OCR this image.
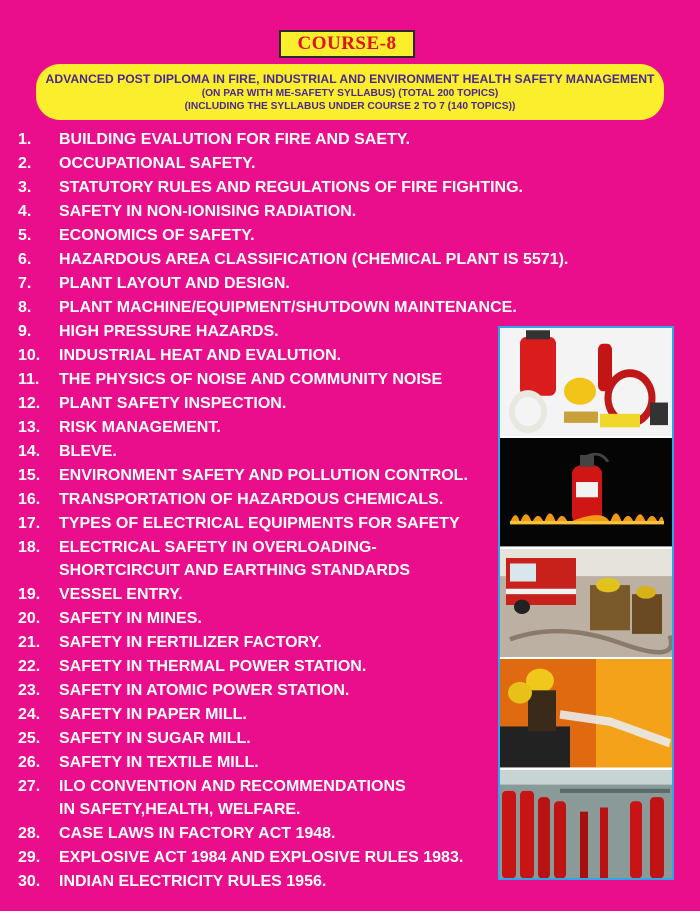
COURSE-8
ADVANCED POST DIPLOMA IN FIRE, INDUSTRIAL AND ENVIRONMENT HEALTH SAFETY MANAGEMENT
(ON PAR WITH ME-SAFETY SYLLABUS) (TOTAL 200 TOPICS)
(INCLUDING THE SYLLABUS UNDER COURSE 2 TO 7 (140 TOPICS))
1. BUILDING EVALUTION FOR FIRE AND SAETY.
2. OCCUPATIONAL SAFETY.
3. STATUTORY RULES AND REGULATIONS OF FIRE FIGHTING.
4. SAFETY IN NON-IONISING RADIATION.
5. ECONOMICS OF SAFETY.
6. HAZARDOUS AREA CLASSIFICATION (CHEMICAL PLANT IS 5571).
7. PLANT LAYOUT AND DESIGN.
8. PLANT MACHINE/EQUIPMENT/SHUTDOWN MAINTENANCE.
9. HIGH PRESSURE HAZARDS.
10. INDUSTRIAL HEAT AND EVALUTION.
11. THE PHYSICS OF NOISE AND COMMUNITY NOISE
12. PLANT SAFETY INSPECTION.
13. RISK MANAGEMENT.
14. BLEVE.
15. ENVIRONMENT SAFETY AND POLLUTION CONTROL.
16. TRANSPORTATION OF HAZARDOUS CHEMICALS.
17. TYPES OF ELECTRICAL EQUIPMENTS FOR SAFETY
18. ELECTRICAL SAFETY IN OVERLOADING-
SHORTCIRCUIT AND EARTHING STANDARDS
19. VESSEL ENTRY.
20. SAFETY IN MINES.
21. SAFETY IN FERTILIZER FACTORY.
22. SAFETY IN THERMAL POWER STATION.
23. SAFETY IN ATOMIC POWER STATION.
24. SAFETY IN PAPER MILL.
25. SAFETY IN SUGAR MILL.
26. SAFETY IN TEXTILE MILL.
27. ILO CONVENTION AND RECOMMENDATIONS
IN SAFETY,HEALTH, WELFARE.
28. CASE LAWS IN FACTORY ACT 1948.
29. EXPLOSIVE ACT 1984 AND EXPLOSIVE RULES 1983.
30. INDIAN ELECTRICITY RULES 1956.
